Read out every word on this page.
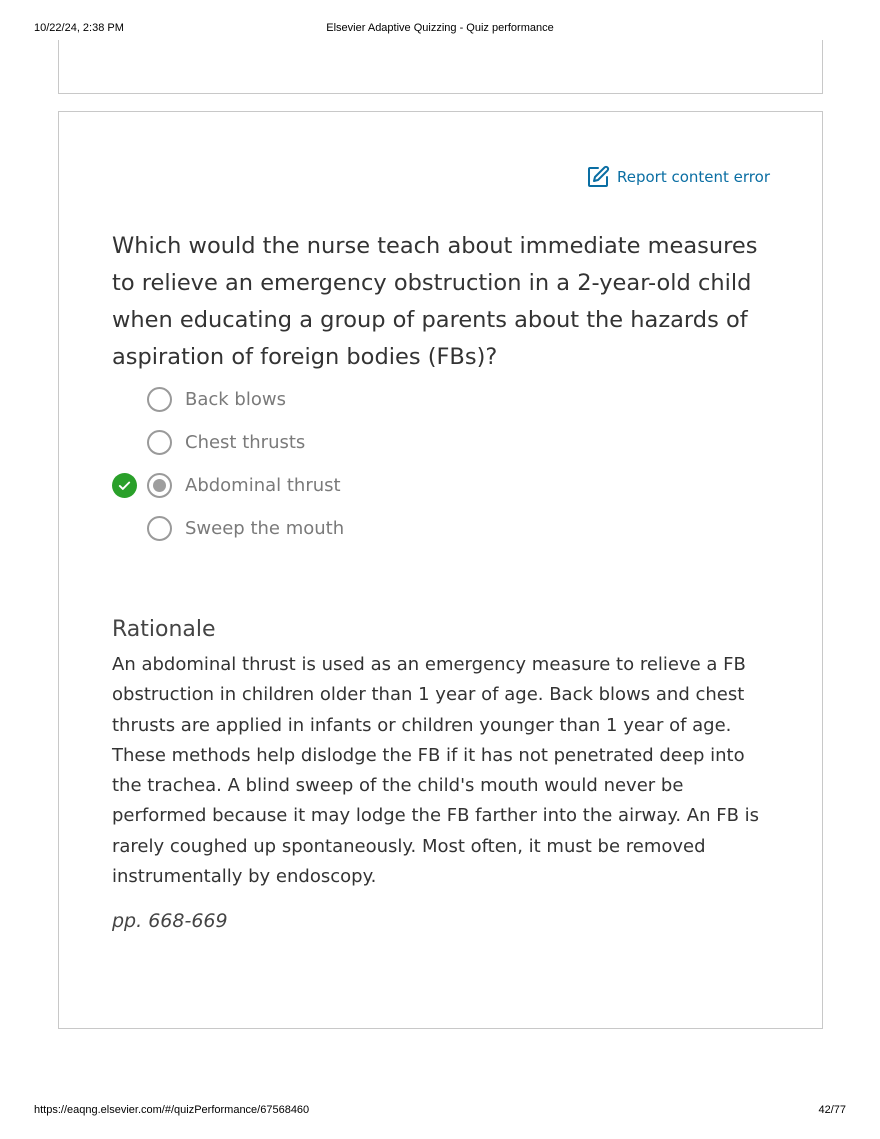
10/22/24, 2:38 PM	Elsevier Adaptive Quizzing - Quiz performance
Report content error
Which would the nurse teach about immediate measures to relieve an emergency obstruction in a 2-year-old child when educating a group of parents about the hazards of aspiration of foreign bodies (FBs)?
Back blows
Chest thrusts
Abdominal thrust
Sweep the mouth
Rationale
An abdominal thrust is used as an emergency measure to relieve a FB obstruction in children older than 1 year of age. Back blows and chest thrusts are applied in infants or children younger than 1 year of age. These methods help dislodge the FB if it has not penetrated deep into the trachea. A blind sweep of the child's mouth would never be performed because it may lodge the FB farther into the airway. An FB is rarely coughed up spontaneously. Most often, it must be removed instrumentally by endoscopy.
pp. 668-669
https://eaqng.elsevier.com/#/quizPerformance/67568460	42/77
